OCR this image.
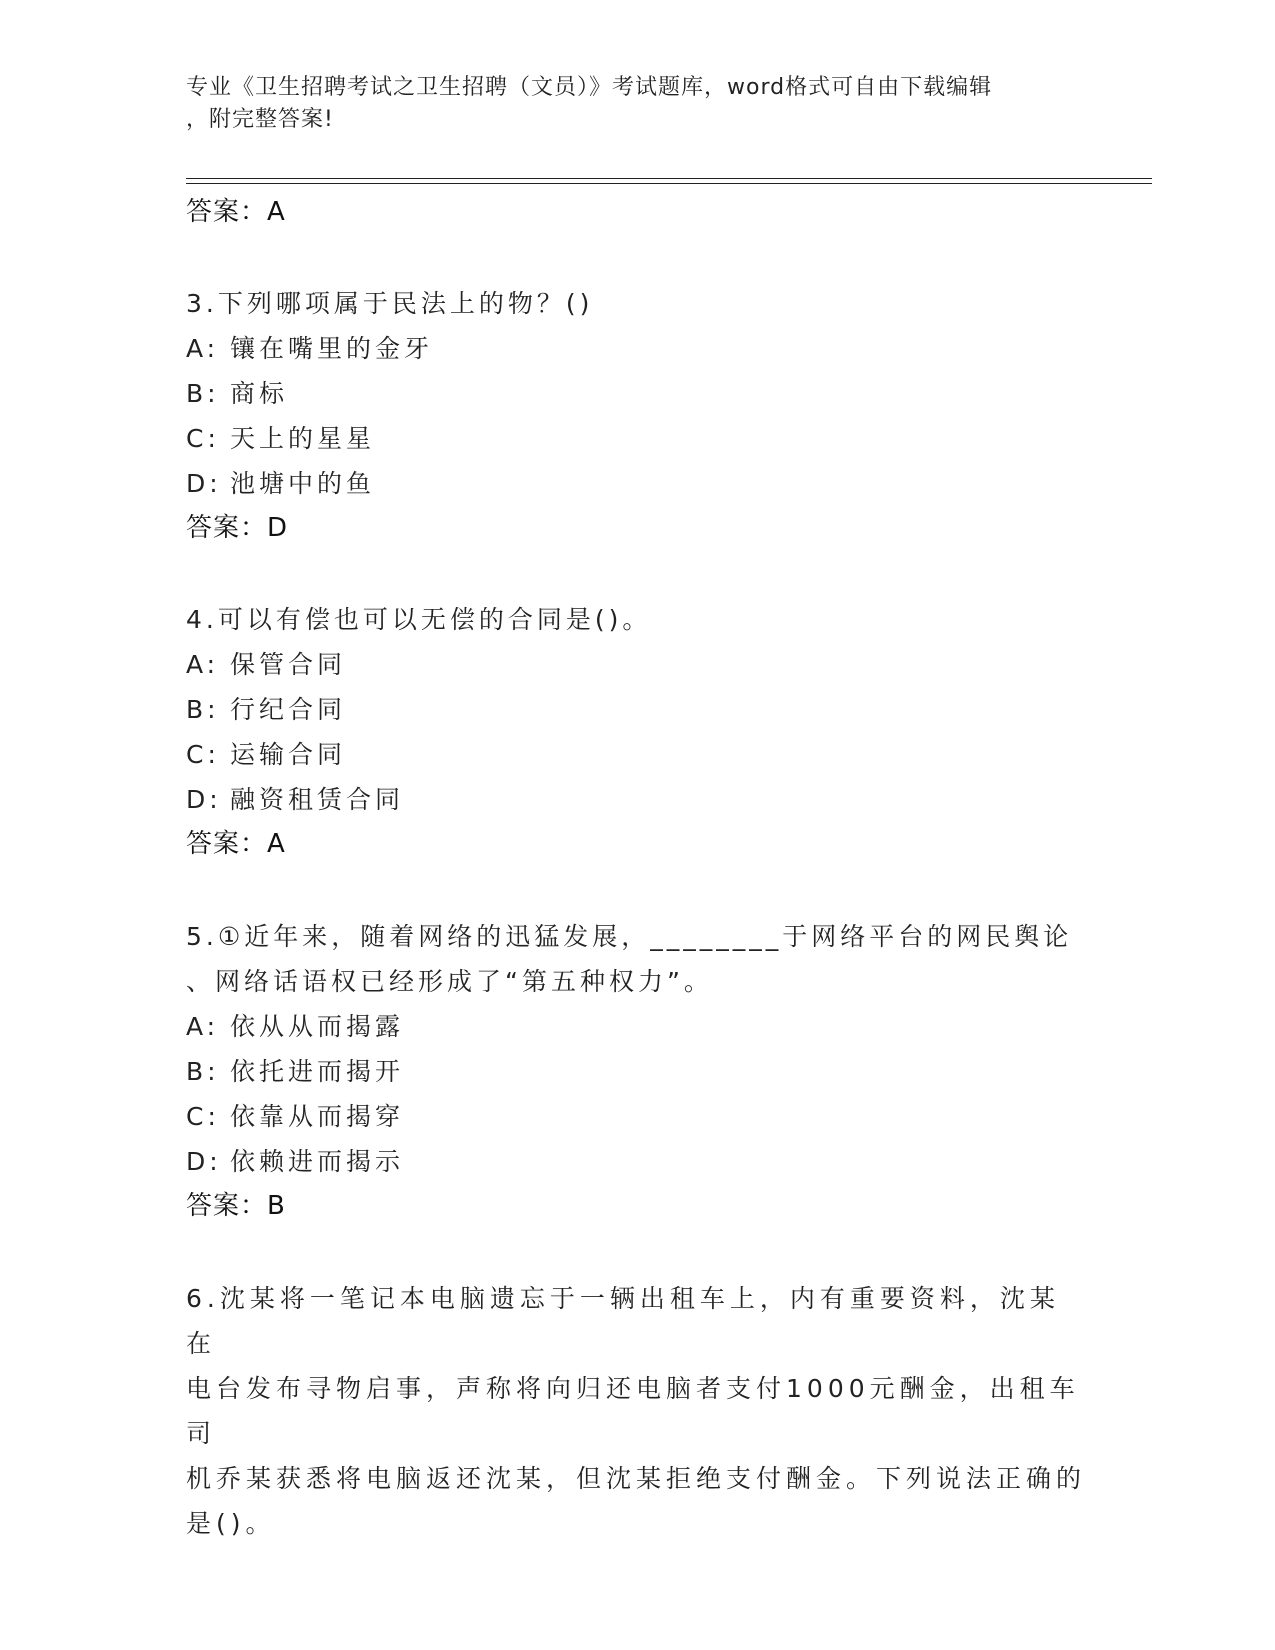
专业《卫生招聘考试之卫生招聘（文员）》考试题库，word格式可自由下载编辑
，附完整答案!
答案：A
3.下列哪项属于民法上的物？()
A: 镶在嘴里的金牙
B: 商标
C: 天上的星星
D: 池塘中的鱼
答案：D
4.可以有偿也可以无偿的合同是()。
A: 保管合同
B: 行纪合同
C: 运输合同
D: 融资租赁合同
答案：A
5.①近年来，随着网络的迅猛发展，________于网络平台的网民舆论
、网络话语权已经形成了“第五种权力”。
A: 依从从而揭露
B: 依托进而揭开
C: 依靠从而揭穿
D: 依赖进而揭示
答案：B
6.沈某将一笔记本电脑遗忘于一辆出租车上，内有重要资料，沈某在
电台发布寻物启事，声称将向归还电脑者支付1000元酬金，出租车司
机乔某获悉将电脑返还沈某，但沈某拒绝支付酬金。下列说法正确的
是()。
